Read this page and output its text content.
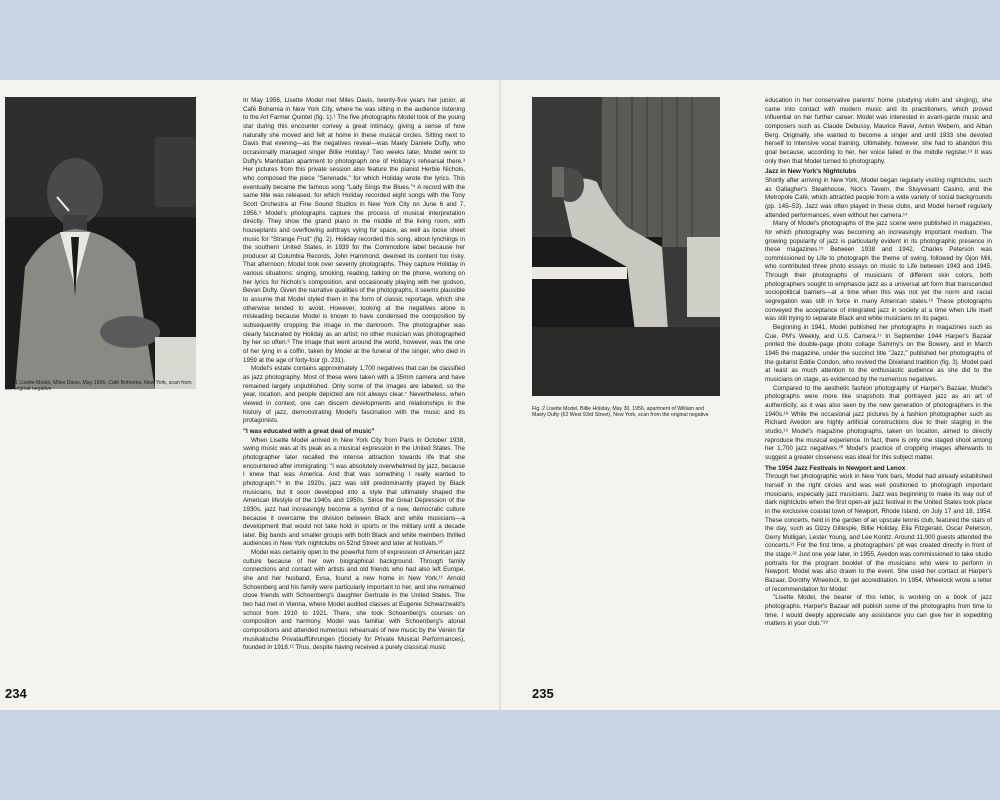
Fig. 1 Lisette Model, Miles Davis, May 1956, Café Bohemia, New York, scan from the original negative

In May 1956, Lisette Model met Miles Davis, twenty-five years her junior, at Café Bohemia in New York City, where he was sitting in the audience listening to the Art Farmer Quintet (fig. 1).¹ The five photographs Model took of the young star during this encounter convey a great intimacy, giving a sense of how naturally she moved and felt at home in these musical circles. Sitting next to Davis that evening—as the negatives reveal—was Maely Daniele Dufty, who occasionally managed singer Billie Holiday.² Two weeks later, Model went to Dufty's Manhattan apartment to photograph one of Holiday's rehearsal there.³ Her pictures from this private session also feature the pianist Herbie Nichols, who composed the piece "Serenade," for which Holiday wrote the lyrics. This eventually became the famous song "Lady Sings the Blues."⁴ A record with the same title was released, for which Holiday recorded eight songs with the Tony Scott Orchestra at Fine Sound Studios in New York City on June 6 and 7, 1956.⁵ Model's photographs capture the process of musical interpretation directly. They show the grand piano in the middle of the living room, with houseplants and overflowing ashtrays vying for space, as well as loose sheet music for "Strange Fruit" (fig. 2). Holiday recorded this song, about lynchings in the southern United States, in 1939 for the Commodore label because her producer at Columbia Records, John Hammond, deemed its content too risky. That afternoon, Model took over seventy photographs. They capture Holiday in various situations: singing, smoking, reading, talking on the phone, working on her lyrics for Nichols's composition, and occasionally playing with her godson, Bevan Dufty. Given the narrative qualities of the photographs, it seems plausible to assume that Model styled them in the form of classic reportage, which she otherwise tended to avoid. However, looking at the negatives alone is misleading because Model is known to have condensed the composition by subsequently cropping the image in the darkroom. The photographer was clearly fascinated by Holiday as an artist; no other musician was photographed by her so often.⁶ The image that went around the world, however, was the one of her lying in a coffin, taken by Model at the funeral of the singer, who died in 1959 at the age of forty-four (p. 231).

Model's estate contains approximately 1,700 negatives that can be classified as jazz photography. Most of these were taken with a 35mm camera and have remained largely unpublished. Only some of the images are labeled, so the year, location, and people depicted are not always clear.⁷ Nevertheless, when viewed in context, one can discern developments and relationships in the history of jazz, demonstrating Model's fascination with the music and its protagonists.

"I was educated with a great deal of music"

When Lisette Model arrived in New York City from Paris in October 1938, swing music was at its peak as a musical expression in the United States. The photographer later recalled the intense attraction towards life that she encountered after immigrating: "I was absolutely overwhelmed by jazz, because I knew that was America. And that was something I really wanted to photograph."⁸ In the 1920s, jazz was still predominantly played by Black musicians, but it soon developed into a style that ultimately shaped the American lifestyle of the 1940s and 1950s. Since the Great Depression of the 1930s, jazz had increasingly become a symbol of a new, democratic culture because it overcame the division between Black and white musicians—a development that would not take hold in sports or the military until a decade later. Big bands and smaller groups with both Black and white members thrilled audiences in New York nightclubs on 52nd Street and later at festivals.¹⁰

Model was certainly open to the powerful form of expression of American jazz culture because of her own biographical background. Through family connections and contact with artists and old friends who had also left Europe, she and her husband, Evsa, found a new home in New York.¹¹ Arnold Schoenberg and his family were particularly important to her, and she remained close friends with Schoenberg's daughter Gertrude in the United States. The two had met in Vienna, where Model audited classes at Eugenie Schwarzwald's school from 1910 to 1921. There, she took Schoenberg's courses on composition and harmony. Model was familiar with Schoenberg's atonal compositions and attended numerous rehearsals of new music by the Verein für musikalische Privataufführungen (Society for Private Musical Performances), founded in 1918.¹² Thus, despite having received a purely classical music

234
Fig. 2 Lisette Model, Billie Holiday, May 30, 1956, apartment of William and Maely Dufty (62 West 93rd Street), New York, scan from the original negative

education in her conservative parents' home (studying violin and singing), she came into contact with modern music and its practitioners, which proved influential on her further career. Model was interested in avant-garde music and composers such as Claude Debussy, Maurice Ravel, Anton Webern, and Alban Berg. Originally, she wanted to become a singer and until 1933 she devoted herself to intensive vocal training. Ultimately, however, she had to abandon this goal because, according to her, her voice failed in the middle register.¹³ It was only then that Model turned to photography.

Jazz in New York's Nightclubs

Shortly after arriving in New York, Model began regularly visiting nightclubs, such as Gallagher's Steakhouse, Nick's Tavern, the Stuyvesant Casino, and the Metropole Café, which attracted people from a wide variety of social backgrounds (pp. 145–53). Jazz was often played in these clubs, and Model herself regularly attended performances, even without her camera.¹⁴

Many of Model's photographs of the jazz scene were published in magazines, for which photography was becoming an increasingly important medium. The growing popularity of jazz is particularly evident in its photographic presence in these magazines.¹⁵ Between 1938 and 1942, Charles Peterson was commissioned by Life to photograph the theme of swing, followed by Gjon Mili, who contributed three photo essays on music to Life between 1943 and 1945. Through their photographs of musicians of different skin colors, both photographers sought to emphasize jazz as a universal art form that transcended sociopolitical barriers—at a time when this was not yet the norm and racial segregation was still in force in many American states.¹⁶ These photographs conveyed the acceptance of integrated jazz in society at a time when Life itself was still trying to separate Black and white musicians on its pages.

Beginning in 1941, Model published her photographs in magazines such as Cue, PM's Weekly, and U.S. Camera.¹⁷ In September 1944 Harper's Bazaar printed the double-page photo collage Sammy's on the Bowery, and in March 1945 the magazine, under the succinct title "Jazz," published her photographs of the guitarist Eddie Condon, who revived the Dixieland tradition (fig. 3). Model paid at least as much attention to the enthusiastic audience as she did to the musicians on stage, as evidenced by the numerous negatives.

Compared to the aesthetic fashion photography of Harper's Bazaar, Model's photographs were more like snapshots that portrayed jazz as an art of authenticity, as it was also seen by the new generation of photographers in the 1940s.¹⁸ While the occasional jazz pictures by a fashion photographer such as Richard Avedon are highly artificial constructions due to their staging in the studio,¹⁹ Model's magazine photographs, taken on location, aimed to directly reproduce the musical experience. In fact, there is only one staged shoot among her 1,700 jazz negatives.²⁰ Model's practice of cropping images afterwards to suggest a greater closeness was ideal for this subject matter.

The 1954 Jazz Festivals in Newport and Lenox

Through her photographic work in New York bars, Model had already established herself in the right circles and was well positioned to photograph important musicians, especially jazz musicians. Jazz was beginning to make its way out of dark nightclubs when the first open-air jazz festival in the United States took place in the exclusive coastal town of Newport, Rhode Island, on July 17 and 18, 1954. These concerts, held in the garden of an upscale tennis club, featured the stars of the day, such as Dizzy Gillespie, Billie Holiday, Ella Fitzgerald, Oscar Peterson, Gerry Mulligan, Lester Young, and Lee Konitz. Around 11,000 guests attended the concerts.²¹ For the first time, a photographers' pit was created directly in front of the stage.²² Just one year later, in 1955, Avedon was commissioned to take studio portraits for the program booklet of the musicians who were to perform in Newport. Model was also drawn to the event. She used her contact at Harper's Bazaar, Dorothy Wheelock, to get accreditation. In 1954, Wheelock wrote a letter of recommendation for Model:

"Lisette Model, the bearer of this letter, is working on a book of jazz photographs. Harper's Bazaar will publish some of the photographs from time to time. I would deeply appreciate any assistance you can give her in expediting matters in your club."²³

235
